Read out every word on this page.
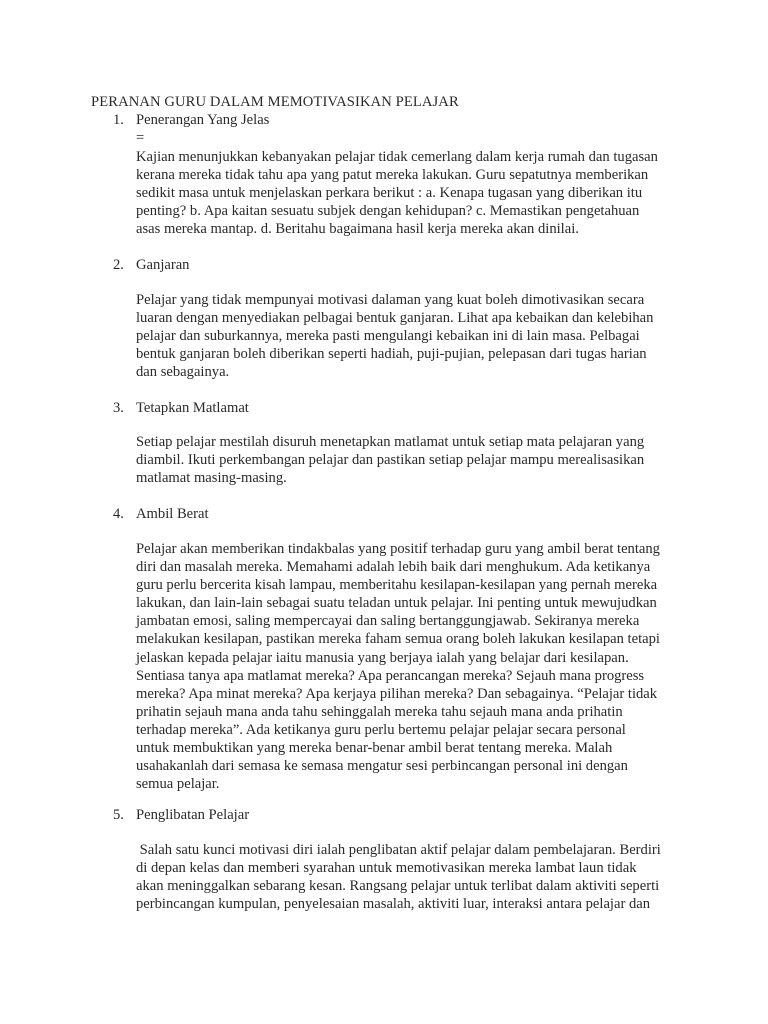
PERANAN GURU DALAM MEMOTIVASIKAN PELAJAR
1. Penerangan Yang Jelas
=
Kajian menunjukkan kebanyakan pelajar tidak cemerlang dalam kerja rumah dan tugasan
kerana mereka tidak tahu apa yang patut mereka lakukan. Guru sepatutnya memberikan
sedikit masa untuk menjelaskan perkara berikut : a. Kenapa tugasan yang diberikan itu
penting? b. Apa kaitan sesuatu subjek dengan kehidupan? c. Memastikan pengetahuan
asas mereka mantap. d. Beritahu bagaimana hasil kerja mereka akan dinilai.
2. Ganjaran
Pelajar yang tidak mempunyai motivasi dalaman yang kuat boleh dimotivasikan secara
luaran dengan menyediakan pelbagai bentuk ganjaran. Lihat apa kebaikan dan kelebihan
pelajar dan suburkannya, mereka pasti mengulangi kebaikan ini di lain masa. Pelbagai
bentuk ganjaran boleh diberikan seperti hadiah, puji-pujian, pelepasan dari tugas harian
dan sebagainya.
3. Tetapkan Matlamat
Setiap pelajar mestilah disuruh menetapkan matlamat untuk setiap mata pelajaran yang
diambil. Ikuti perkembangan pelajar dan pastikan setiap pelajar mampu merealisasikan
matlamat masing-masing.
4. Ambil Berat
Pelajar akan memberikan tindakbalas yang positif terhadap guru yang ambil berat tentang
diri dan masalah mereka. Memahami adalah lebih baik dari menghukum. Ada ketikanya
guru perlu bercerita kisah lampau, memberitahu kesilapan-kesilapan yang pernah mereka
lakukan, dan lain-lain sebagai suatu teladan untuk pelajar. Ini penting untuk mewujudkan
jambatan emosi, saling mempercayai dan saling bertanggungjawab. Sekiranya mereka
melakukan kesilapan, pastikan mereka faham semua orang boleh lakukan kesilapan tetapi
jelaskan kepada pelajar iaitu manusia yang berjaya ialah yang belajar dari kesilapan.
Sentiasa tanya apa matlamat mereka? Apa perancangan mereka? Sejauh mana progress
mereka? Apa minat mereka? Apa kerjaya pilihan mereka? Dan sebagainya. “Pelajar tidak
prihatin sejauh mana anda tahu sehinggalah mereka tahu sejauh mana anda prihatin
terhadap mereka”. Ada ketikanya guru perlu bertemu pelajar pelajar secara personal
untuk membuktikan yang mereka benar-benar ambil berat tentang mereka. Malah
usahakanlah dari semasa ke semasa mengatur sesi perbincangan personal ini dengan
semua pelajar.
5. Penglibatan Pelajar
Salah satu kunci motivasi diri ialah penglibatan aktif pelajar dalam pembelajaran. Berdiri
di depan kelas dan memberi syarahan untuk memotivasikan mereka lambat laun tidak
akan meninggalkan sebarang kesan. Rangsang pelajar untuk terlibat dalam aktiviti seperti
perbincangan kumpulan, penyelesaian masalah, aktiviti luar, interaksi antara pelajar dan
